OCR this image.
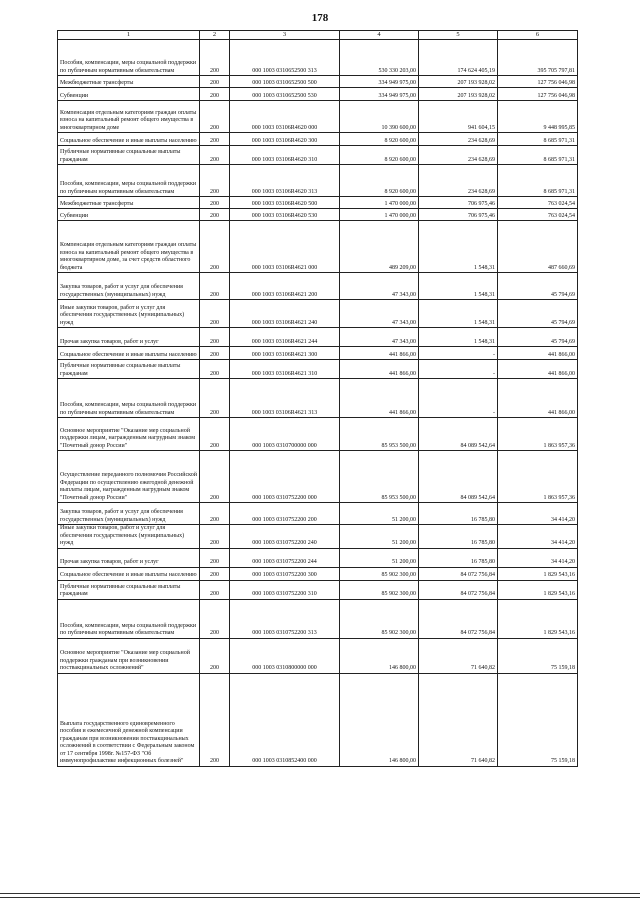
178
1	2	3	4	5	6
Пособия, компенсации, меры социальной поддержки по публичным нормативным обязательствам	200	000 1003 0310652500 313	530 330 203,00	174 624 405,19	395 705 797,81
Межбюджетные трансферты	200	000 1003 0310652500 500	334 949 975,00	207 193 928,02	127 756 046,98
Субвенции	200	000 1003 0310652500 530	334 949 975,00	207 193 928,02	127 756 046,98
Компенсация отдельным категориям граждан оплаты взноса на капитальный ремонт общего имущества в многоквартирном доме	200	000 1003 03106R4620 000	10 390 600,00	941 604,15	9 448 995,85
Социальное обеспечение и иные выплаты населению	200	000 1003 03106R4620 300	8 920 600,00	234 628,69	8 685 971,31
Публичные нормативные социальные выплаты гражданам	200	000 1003 03106R4620 310	8 920 600,00	234 628,69	8 685 971,31
Пособия, компенсации, меры социальной поддержки по публичным нормативным обязательствам	200	000 1003 03106R4620 313	8 920 600,00	234 628,69	8 685 971,31
Межбюджетные трансферты	200	000 1003 03106R4620 500	1 470 000,00	706 975,46	763 024,54
Субвенции	200	000 1003 03106R4620 530	1 470 000,00	706 975,46	763 024,54
Компенсация отдельным категориям граждан оплаты взноса на капитальный ремонт общего имущества в многоквартирном доме, за счет средств областного бюджета	200	000 1003 03106R4621 000	489 209,00	1 548,31	487 660,69
Закупка товаров, работ и услуг для обеспечения государственных (муниципальных) нужд	200	000 1003 03106R4621 200	47 343,00	1 548,31	45 794,69
Иные закупки товаров, работ и услуг для обеспечения государственных (муниципальных) нужд	200	000 1003 03106R4621 240	47 343,00	1 548,31	45 794,69
Прочая закупка товаров, работ и услуг	200	000 1003 03106R4621 244	47 343,00	1 548,31	45 794,69
Социальное обеспечение и иные выплаты населению	200	000 1003 03106R4621 300	441 866,00	-	441 866,00
Публичные нормативные социальные выплаты гражданам	200	000 1003 03106R4621 310	441 866,00	-	441 866,00
Пособия, компенсации, меры социальной поддержки по публичным нормативным обязательствам	200	000 1003 03106R4621 313	441 866,00	-	441 866,00
Основное мероприятие "Оказание мер социальной поддержки лицам, награжденным нагрудным знаком "Почетный донор России"	200	000 1003 0310700000 000	85 953 500,00	84 089 542,64	1 863 957,36
Осуществление переданного полномочия Российской Федерации по осуществлению ежегодной денежной выплаты лицам, награжденным нагрудным знаком "Почетный донор России"	200	000 1003 0310752200 000	85 953 500,00	84 089 542,64	1 863 957,36
Закупка товаров, работ и услуг для обеспечения государственных (муниципальных) нужд	200	000 1003 0310752200 200	51 200,00	16 785,80	34 414,20
Иные закупки товаров, работ и услуг для обеспечения государственных (муниципальных) нужд	200	000 1003 0310752200 240	51 200,00	16 785,80	34 414,20
Прочая закупка товаров, работ и услуг	200	000 1003 0310752200 244	51 200,00	16 785,80	34 414,20
Социальное обеспечение и иные выплаты населению	200	000 1003 0310752200 300	85 902 300,00	84 072 756,84	1 829 543,16
Публичные нормативные социальные выплаты гражданам	200	000 1003 0310752200 310	85 902 300,00	84 072 756,84	1 829 543,16
Пособия, компенсации, меры социальной поддержки по публичным нормативным обязательствам	200	000 1003 0310752200 313	85 902 300,00	84 072 756,84	1 829 543,16
Основное мероприятие "Оказание мер социальной поддержки гражданам при возникновении поствакцинальных осложнений"	200	000 1003 0310800000 000	146 800,00	71 640,82	75 159,18
Выплата государственного единовременного пособия и ежемесячной денежной компенсации гражданам при возникновении поствакцинальных осложнений в соответствии с Федеральным законом от 17 сентября 1998г. №157-ФЗ "Об иммунопрофилактике инфекционных болезней"	200	000 1003 0310852400 000	146 800,00	71 640,82	75 159,18
